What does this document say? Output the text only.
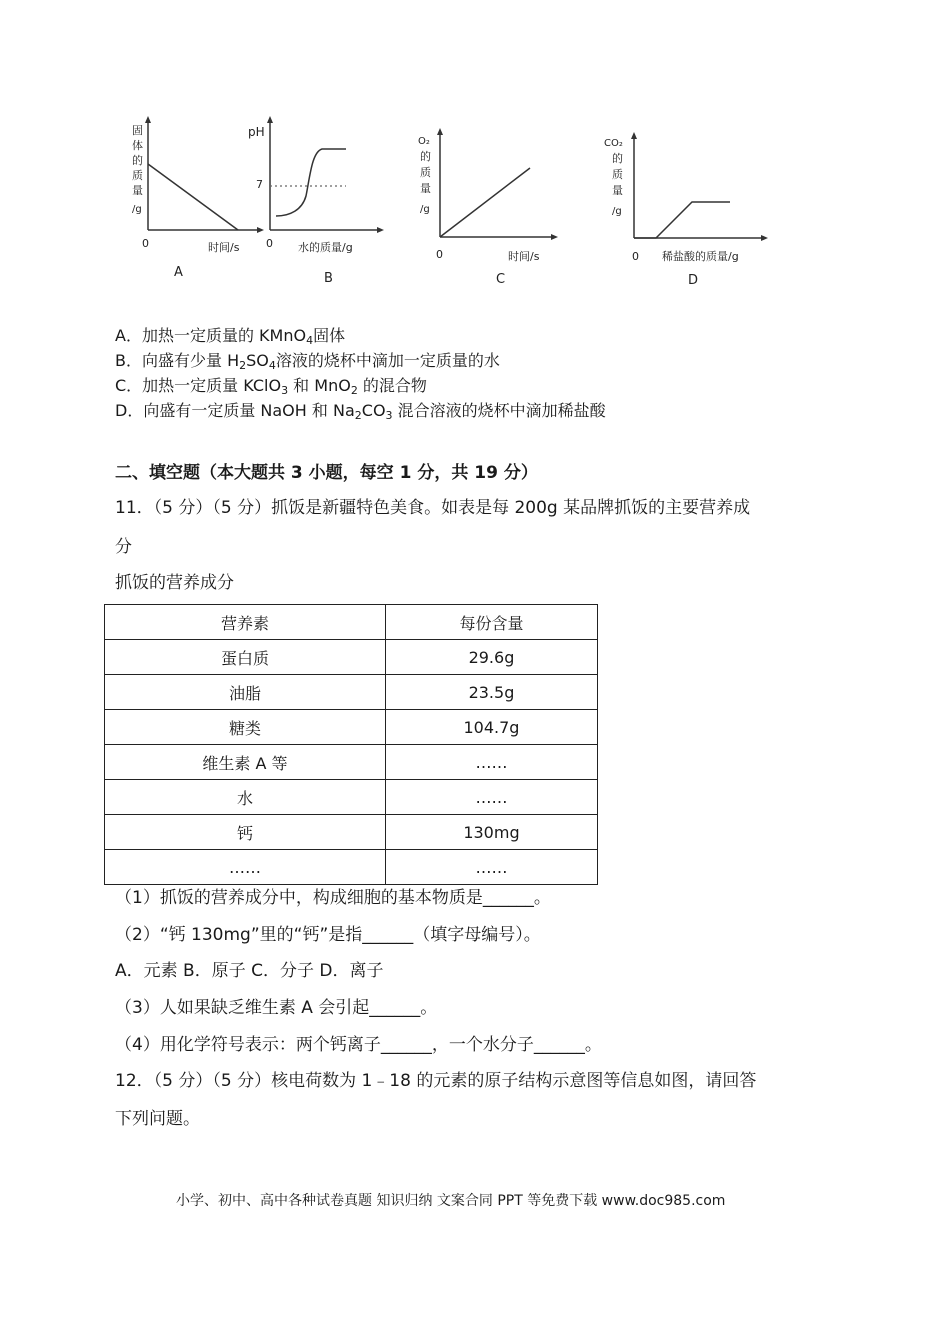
固
体
的
质
量
/g
0	时间/s
A
pH
7
0 水的质量/g
B
O₂
的
质
量
/g
0	时间/s
C
CO₂
的
质
量
/g
0 稀盐酸的质量/g
D
A．加热一定质量的 KMnO$_4$固体
B．向盛有少量 $H_2SO_4$溶液的烧杯中滴加一定质量的水
C．加热一定质量 KClO$_3$ 和 MnO$_2$ 的混合物
D．向盛有一定质量 NaOH 和 $Na_2CO_3$ 混合溶液的烧杯中滴加稀盐酸
二、填空题（本大题共 3 小题，每空 1 分，共 19 分）
11．（5 分）（5 分）抓饭是新疆特色美食。如表是每 200g 某品牌抓饭的主要营养成
分
抓饭的营养成分
营养素	每份含量
蛋白质	29.6g
油脂	23.5g
糖类	104.7g
维生素 A 等	……
水	……
钙	130mg
……	……
（1）抓饭的营养成分中，构成细胞的基本物质是______。
（2）“钙 130mg”里的“钙”是指______（填字母编号）。
A．元素 B．原子 C．分子 D．离子
（3）人如果缺乏维生素 A 会引起______。
（4）用化学符号表示：两个钙离子______，一个水分子______。
12．（5 分）（5 分）核电荷数为 1﹣18 的元素的原子结构示意图等信息如图，请回答
下列问题。
小学、初中、高中各种试卷真题 知识归纳 文案合同 PPT 等免费下载 www.doc985.com
